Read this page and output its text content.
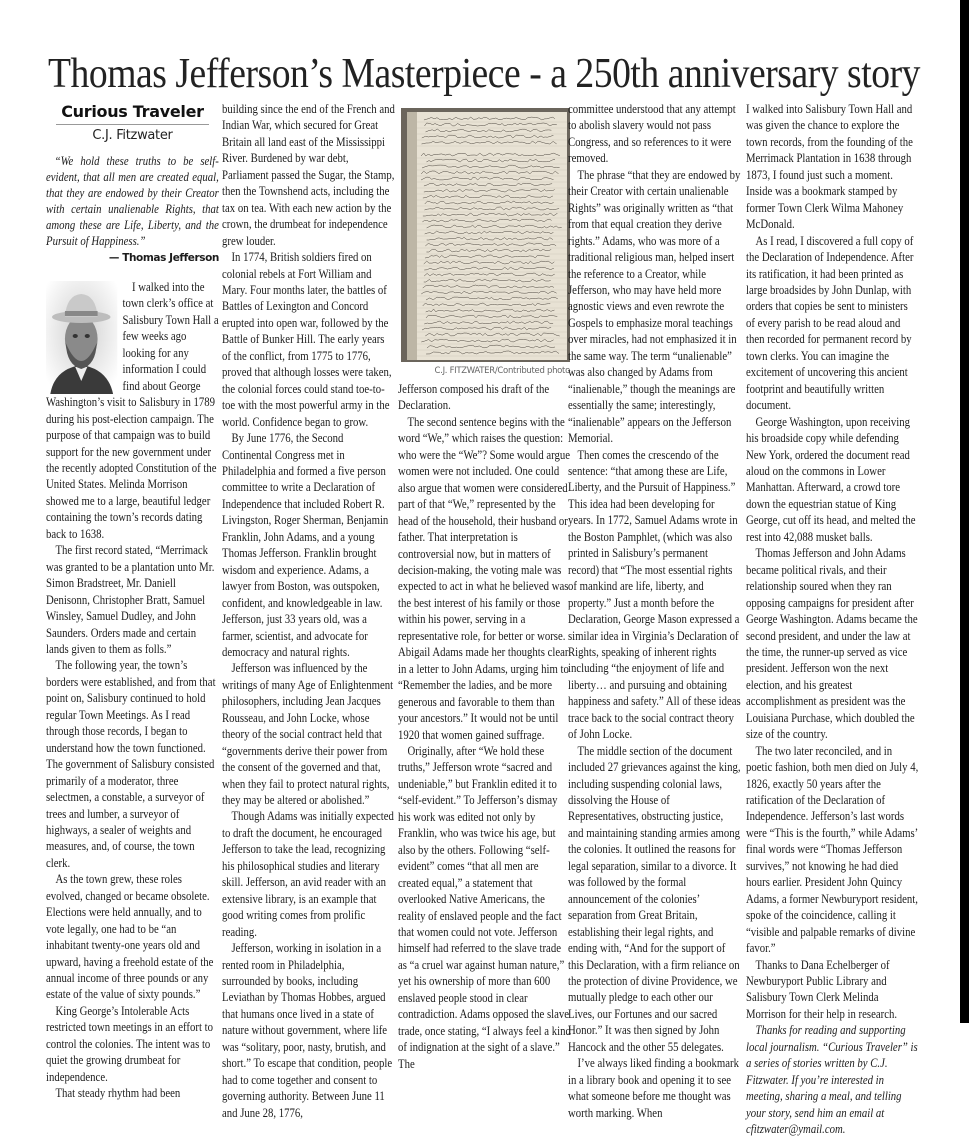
Thomas Jefferson’s Masterpiece - a 250th anniversary story
Curious Traveler
C.J. Fitzwater
“We hold these truths to be self-evident, that all men are created equal, that they are endowed by their Creator with certain unalienable Rights, that among these are Life, Liberty, and the Pursuit of Happiness.”
— Thomas Jefferson

I walked into the town clerk’s office at Salisbury Town Hall a few weeks ago looking for any information I could find about George Washington’s visit to Salisbury in 1789 during his post-election campaign. The purpose of that campaign was to build support for the new government under the recently adopted Constitution of the United States. Melinda Morrison showed me to a large, beautiful ledger containing the town’s records dating back to 1638.

The first record stated, “Merrimack was granted to be a plantation unto Mr. Simon Bradstreet, Mr. Daniell Denisonn, Christopher Bratt, Samuel Winsley, Samuel Dudley, and John Saunders. Orders made and certain lands given to them as folls.”

The following year, the town’s borders were established, and from that point on, Salisbury continued to hold regular Town Meetings. As I read through those records, I began to understand how the town functioned. The government of Salisbury consisted primarily of a moderator, three selectmen, a constable, a surveyor of trees and lumber, a surveyor of highways, a sealer of weights and measures, and, of course, the town clerk.

As the town grew, these roles evolved, changed or became obsolete. Elections were held annually, and to vote legally, one had to be “an inhabitant twenty-one years old and upward, having a freehold estate of the annual income of three pounds or any estate of the value of sixty pounds.”

King George’s Intolerable Acts restricted town meetings in an effort to control the colonies. The intent was to quiet the growing drumbeat for independence.

That steady rhythm had been

building since the end of the French and Indian War, which secured for Great Britain all land east of the Mississippi River. Burdened by war debt, Parliament passed the Sugar, the Stamp, then the Townshend acts, including the tax on tea. With each new action by the crown, the drumbeat for independence grew louder.

In 1774, British soldiers fired on colonial rebels at Fort William and Mary. Four months later, the battles of Battles of Lexington and Concord erupted into open war, followed by the Battle of Bunker Hill. The early years of the conflict, from 1775 to 1776, proved that although losses were taken, the colonial forces could stand toe-to-toe with the most powerful army in the world. Confidence began to grow.

By June 1776, the Second Continental Congress met in Philadelphia and formed a five person committee to write a Declaration of Independence that included Robert R. Livingston, Roger Sherman, Benjamin Franklin, John Adams, and a young Thomas Jefferson. Franklin brought wisdom and experience. Adams, a lawyer from Boston, was outspoken, confident, and knowledgeable in law. Jefferson, just 33 years old, was a farmer, scientist, and advocate for democracy and natural rights.

Jefferson was influenced by the writings of many Age of Enlightenment philosophers, including Jean Jacques Rousseau, and John Locke, whose theory of the social contract held that “governments derive their power from the consent of the governed and that, when they fail to protect natural rights, they may be altered or abolished.”

Though Adams was initially expected to draft the document, he encouraged Jefferson to take the lead, recognizing his philosophical studies and literary skill. Jefferson, an avid reader with an extensive library, is an example that good writing comes from prolific reading.

Jefferson, working in isolation in a rented room in Philadelphia, surrounded by books, including Leviathan by Thomas Hobbes, argued that humans once lived in a state of nature without government, where life was “solitary, poor, nasty, brutish, and short.” To escape that condition, people had to come together and consent to governing authority. Between June 11 and June 28, 1776,

C.J. FITZWATER/Contributed photo

Jefferson composed his draft of the Declaration.

The second sentence begins with the word “We,” which raises the question: who were the “We”? Some would argue women were not included. One could also argue that women were considered part of that “We,” represented by the head of the household, their husband or father. That interpretation is controversial now, but in matters of decision-making, the voting male was expected to act in what he believed was the best interest of his family or those within his power, serving in a representative role, for better or worse. Abigail Adams made her thoughts clear in a letter to John Adams, urging him to “Remember the ladies, and be more generous and favorable to them than your ancestors.” It would not be until 1920 that women gained suffrage.

Originally, after “We hold these truths,” Jefferson wrote “sacred and undeniable,” but Franklin edited it to “self-evident.” To Jefferson’s dismay his work was edited not only by Franklin, who was twice his age, but also by the others. Following “self-evident” comes “that all men are created equal,” a statement that overlooked Native Americans, the reality of enslaved people and the fact that women could not vote. Jefferson himself had referred to the slave trade as “a cruel war against human nature,” yet his ownership of more than 600 enslaved people stood in clear contradiction. Adams opposed the slave trade, once stating, “I always feel a kind of indignation at the sight of a slave.” The

committee understood that any attempt to abolish slavery would not pass Congress, and so references to it were removed.

The phrase “that they are endowed by their Creator with certain unalienable Rights” was originally written as “that from that equal creation they derive rights.” Adams, who was more of a traditional religious man, helped insert the reference to a Creator, while Jefferson, who may have held more agnostic views and even rewrote the Gospels to emphasize moral teachings over miracles, had not emphasized it in the same way. The term “unalienable” was also changed by Adams from “inalienable,” though the meanings are essentially the same; interestingly, “inalienable” appears on the Jefferson Memorial.

Then comes the crescendo of the sentence: “that among these are Life, Liberty, and the Pursuit of Happiness.” This idea had been developing for years. In 1772, Samuel Adams wrote in the Boston Pamphlet, (which was also printed in Salisbury’s permanent record) that “The most essential rights of mankind are life, liberty, and property.” Just a month before the Declaration, George Mason expressed a similar idea in Virginia’s Declaration of Rights, speaking of inherent rights including “the enjoyment of life and liberty… and pursuing and obtaining happiness and safety.” All of these ideas trace back to the social contract theory of John Locke.

The middle section of the document included 27 grievances against the king, including suspending colonial laws, dissolving the House of Representatives, obstructing justice, and maintaining standing armies among the colonies. It outlined the reasons for legal separation, similar to a divorce. It was followed by the formal announcement of the colonies’ separation from Great Britain, establishing their legal rights, and ending with, “And for the support of this Declaration, with a firm reliance on the protection of divine Providence, we mutually pledge to each other our Lives, our Fortunes and our sacred Honor.” It was then signed by John Hancock and the other 55 delegates.

I’ve always liked finding a bookmark in a library book and opening it to see what someone before me thought was worth marking. When

I walked into Salisbury Town Hall and was given the chance to explore the town records, from the founding of the Merrimack Plantation in 1638 through 1873, I found just such a moment. Inside was a bookmark stamped by former Town Clerk Wilma Mahoney McDonald.

As I read, I discovered a full copy of the Declaration of Independence. After its ratification, it had been printed as large broadsides by John Dunlap, with orders that copies be sent to ministers of every parish to be read aloud and then recorded for permanent record by town clerks. You can imagine the excitement of uncovering this ancient footprint and beautifully written document.

George Washington, upon receiving his broadside copy while defending New York, ordered the document read aloud on the commons in Lower Manhattan. Afterward, a crowd tore down the equestrian statue of King George, cut off its head, and melted the rest into 42,088 musket balls.

Thomas Jefferson and John Adams became political rivals, and their relationship soured when they ran opposing campaigns for president after George Washington. Adams became the second president, and under the law at the time, the runner-up served as vice president. Jefferson won the next election, and his greatest accomplishment as president was the Louisiana Purchase, which doubled the size of the country.

The two later reconciled, and in poetic fashion, both men died on July 4, 1826, exactly 50 years after the ratification of the Declaration of Independence. Jefferson’s last words were “This is the fourth,” while Adams’ final words were “Thomas Jefferson survives,” not knowing he had died hours earlier. President John Quincy Adams, a former Newburyport resident, spoke of the coincidence, calling it “visible and palpable remarks of divine favor.”

Thanks to Dana Echelberger of Newburyport Public Library and Salisbury Town Clerk Melinda Morrison for their help in research.

Thanks for reading and supporting local journalism. “Curious Traveler” is a series of stories written by C.J. Fitzwater. If you’re interested in meeting, sharing a meal, and telling your story, send him an email at cfitzwater@ymail.com.
